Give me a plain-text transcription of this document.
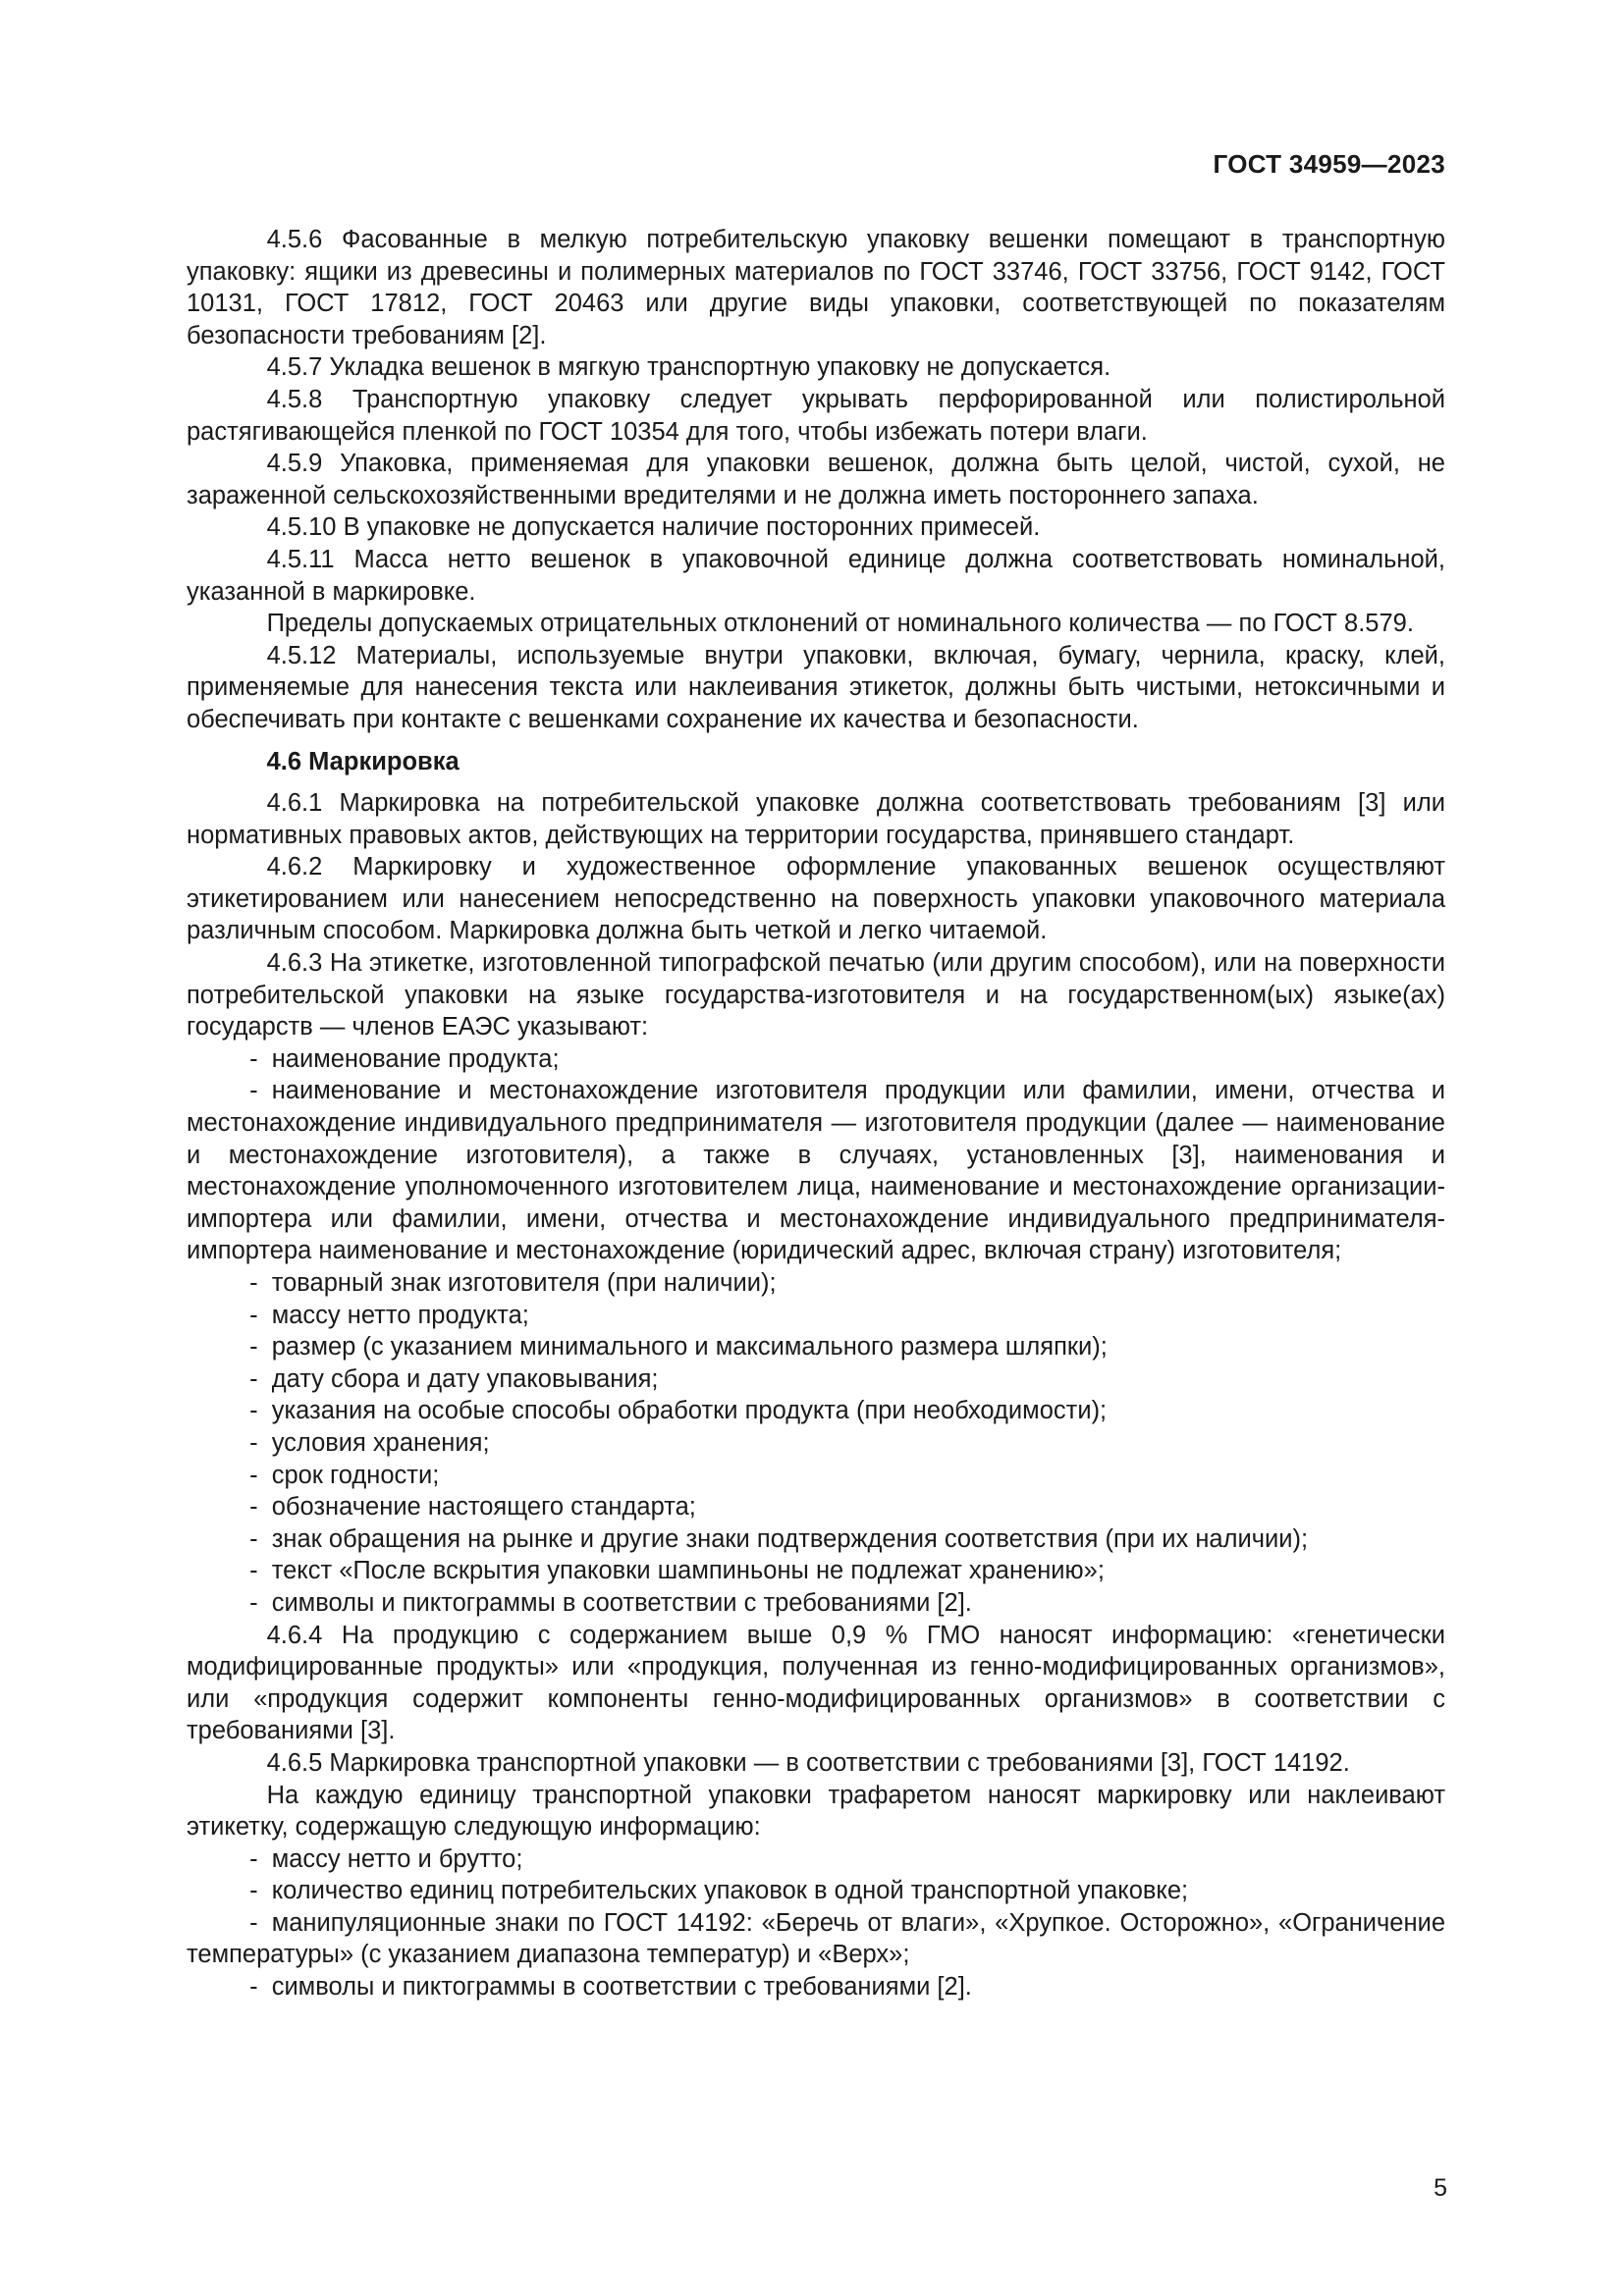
ГОСТ 34959—2023

4.5.6 Фасованные в мелкую потребительскую упаковку вешенки помещают в транспортную упаковку: ящики из древесины и полимерных материалов по ГОСТ 33746, ГОСТ 33756, ГОСТ 9142, ГОСТ 10131, ГОСТ 17812, ГОСТ 20463 или другие виды упаковки, соответствующей по показателям безопасности требованиям [2].

4.5.7 Укладка вешенок в мягкую транспортную упаковку не допускается.

4.5.8 Транспортную упаковку следует укрывать перфорированной или полистирольной растягивающейся пленкой по ГОСТ 10354 для того, чтобы избежать потери влаги.

4.5.9 Упаковка, применяемая для упаковки вешенок, должна быть целой, чистой, сухой, не зараженной сельскохозяйственными вредителями и не должна иметь постороннего запаха.

4.5.10 В упаковке не допускается наличие посторонних примесей.

4.5.11 Масса нетто вешенок в упаковочной единице должна соответствовать номинальной, указанной в маркировке.

Пределы допускаемых отрицательных отклонений от номинального количества — по ГОСТ 8.579.

4.5.12 Материалы, используемые внутри упаковки, включая, бумагу, чернила, краску, клей, применяемые для нанесения текста или наклеивания этикеток, должны быть чистыми, нетоксичными и обеспечивать при контакте с вешенками сохранение их качества и безопасности.

4.6 Маркировка

4.6.1 Маркировка на потребительской упаковке должна соответствовать требованиям [3] или нормативных правовых актов, действующих на территории государства, принявшего стандарт.

4.6.2 Маркировку и художественное оформление упакованных вешенок осуществляют этикетированием или нанесением непосредственно на поверхность упаковки упаковочного материала различным способом. Маркировка должна быть четкой и легко читаемой.

4.6.3 На этикетке, изготовленной типографской печатью (или другим способом), или на поверхности потребительской упаковки на языке государства-изготовителя и на государственном(ых) языке(ах) государств — членов ЕАЭС указывают:

- наименование продукта;

- наименование и местонахождение изготовителя продукции или фамилии, имени, отчества и местонахождение индивидуального предпринимателя — изготовителя продукции (далее — наименование и местонахождение изготовителя), а также в случаях, установленных [3], наименования и местонахождение уполномоченного изготовителем лица, наименование и местонахождение организации-импортера или фамилии, имени, отчества и местонахождение индивидуального предпринимателя-импортера наименование и местонахождение (юридический адрес, включая страну) изготовителя;

- товарный знак изготовителя (при наличии);

- массу нетто продукта;

- размер (с указанием минимального и максимального размера шляпки);

- дату сбора и дату упаковывания;

- указания на особые способы обработки продукта (при необходимости);

- условия хранения;

- срок годности;

- обозначение настоящего стандарта;

- знак обращения на рынке и другие знаки подтверждения соответствия (при их наличии);

- текст «После вскрытия упаковки шампиньоны не подлежат хранению»;

- символы и пиктограммы в соответствии с требованиями [2].

4.6.4 На продукцию с содержанием выше 0,9 % ГМО наносят информацию: «генетически модифицированные продукты» или «продукция, полученная из генно-модифицированных организмов», или «продукция содержит компоненты генно-модифицированных организмов» в соответствии с требованиями [3].

4.6.5 Маркировка транспортной упаковки — в соответствии с требованиями [3], ГОСТ 14192.

На каждую единицу транспортной упаковки трафаретом наносят маркировку или наклеивают этикетку, содержащую следующую информацию:

- массу нетто и брутто;

- количество единиц потребительских упаковок в одной транспортной упаковке;

- манипуляционные знаки по ГОСТ 14192: «Беречь от влаги», «Хрупкое. Осторожно», «Ограничение температуры» (с указанием диапазона температур) и «Верх»;

- символы и пиктограммы в соответствии с требованиями [2].

5
